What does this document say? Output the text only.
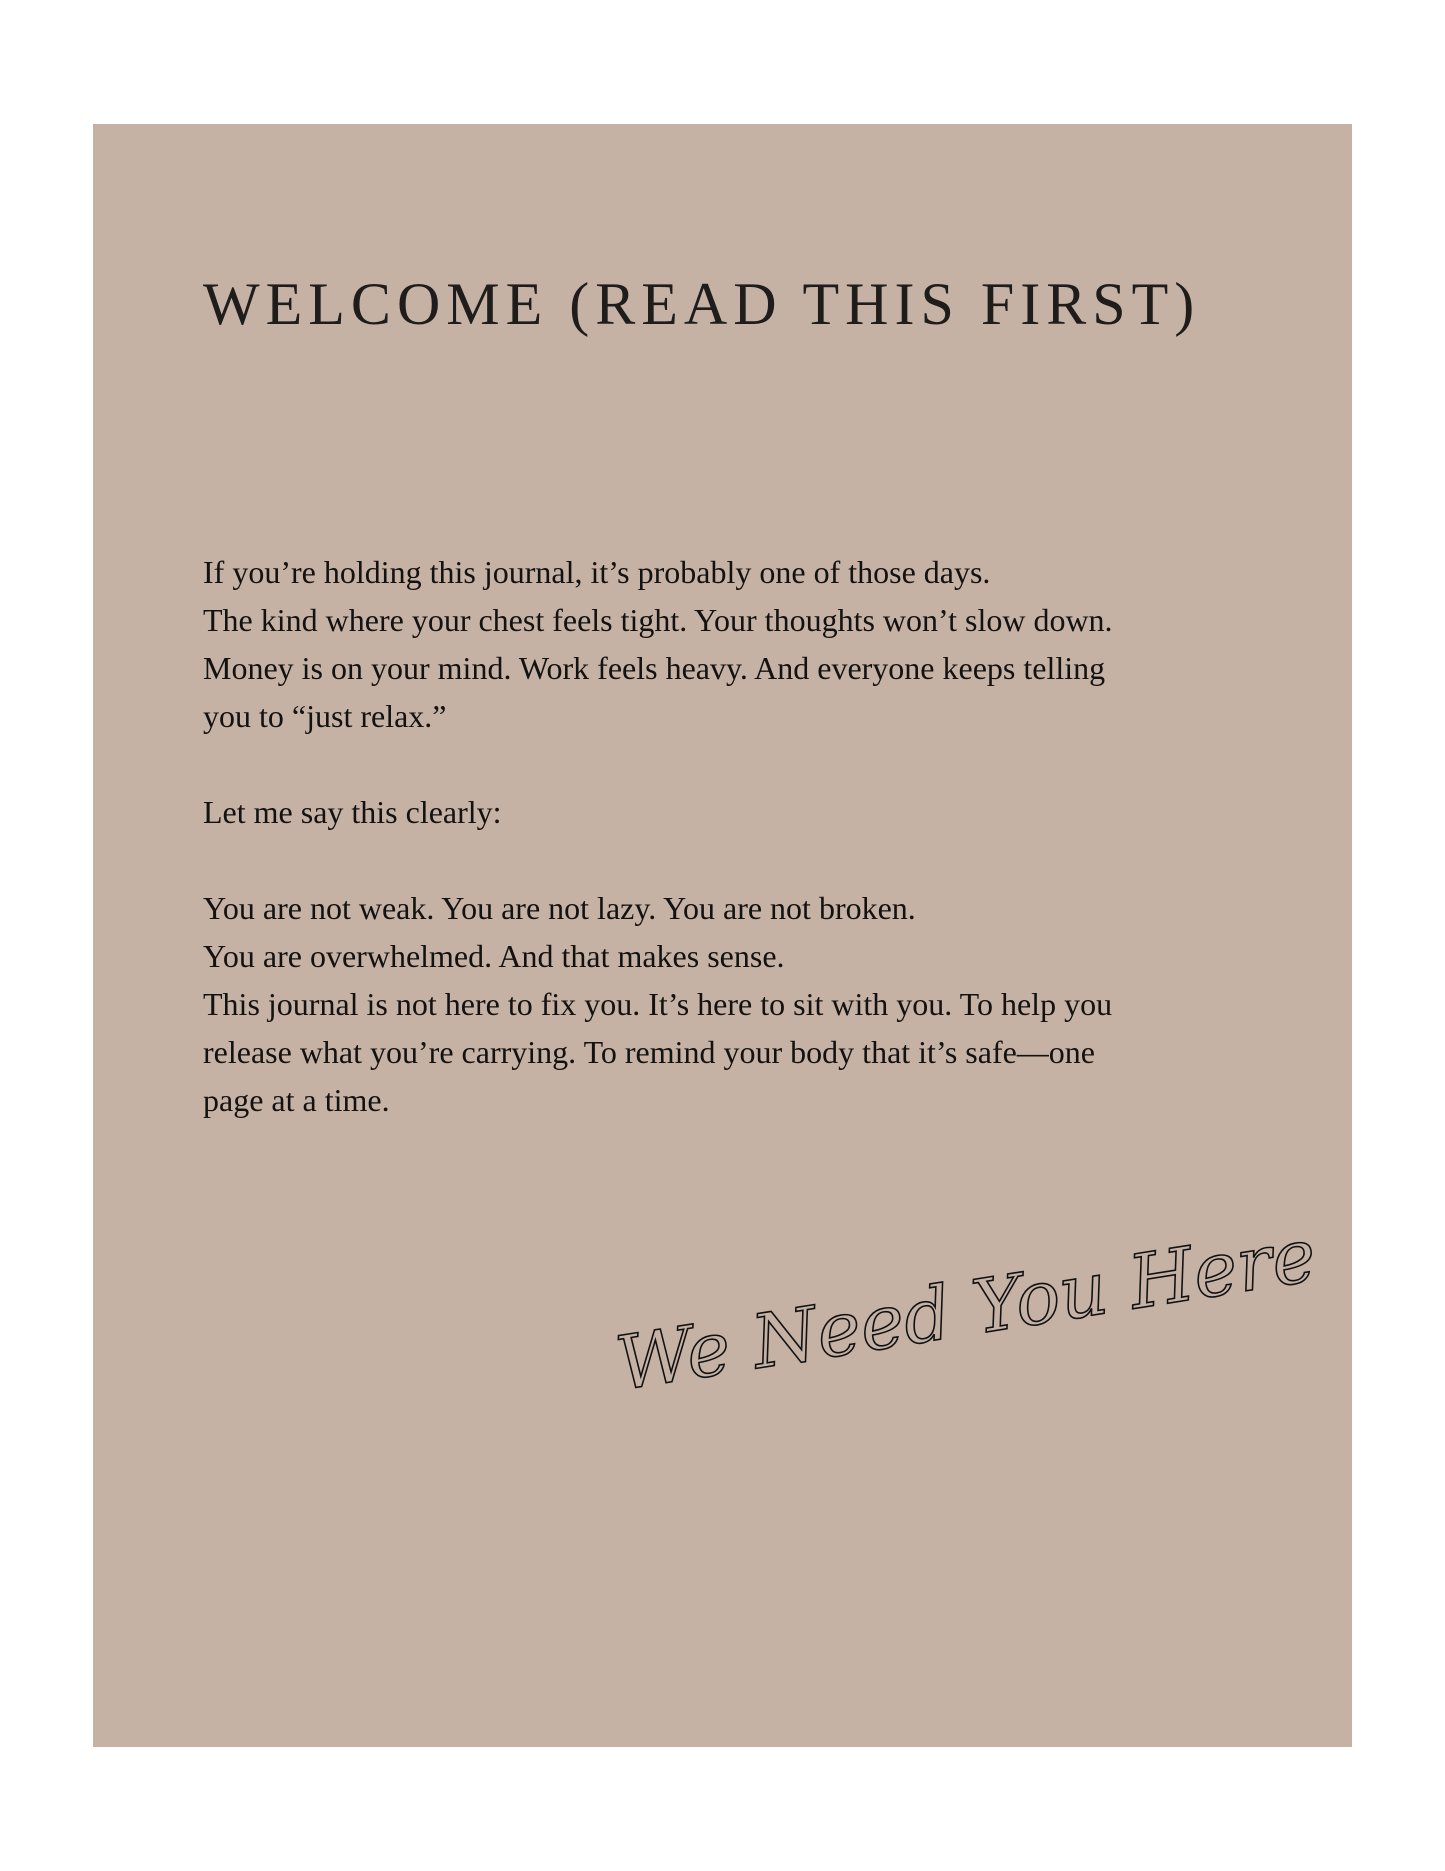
WELCOME (READ THIS FIRST)

If you’re holding this journal, it’s probably one of those days.

The kind where your chest feels tight. Your thoughts won’t slow down.

Money is on your mind. Work feels heavy. And everyone keeps telling

you to “just relax.”

Let me say this clearly:

You are not weak. You are not lazy. You are not broken.

You are overwhelmed. And that makes sense.

This journal is not here to fix you. It’s here to sit with you. To help you

release what you’re carrying. To remind your body that it’s safe—one

page at a time.

We Need You Here
